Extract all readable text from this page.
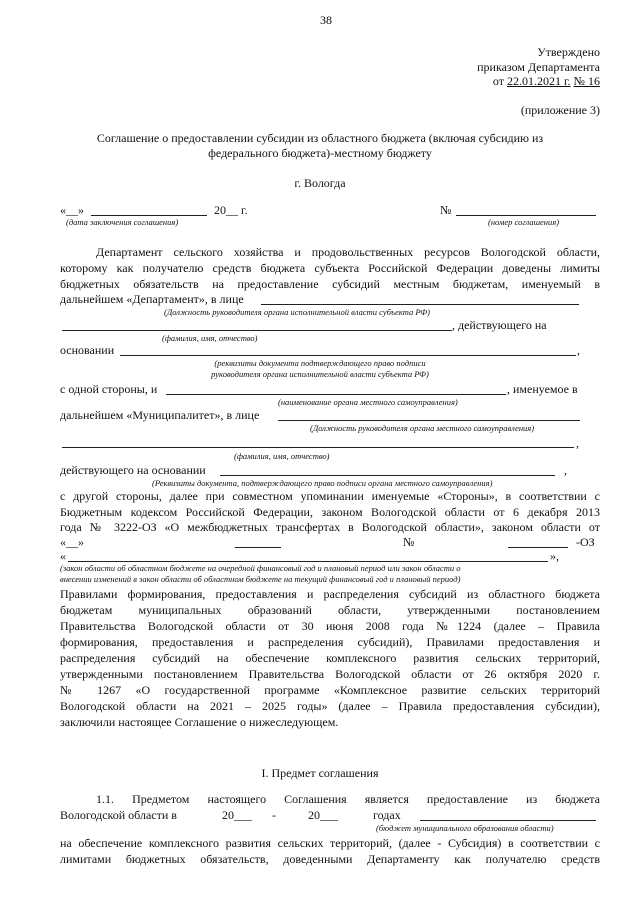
38
Утверждено
приказом Департамента
от 22.01.2021 г. № 16
(приложение 3)
Соглашение о предоставлении субсидии из областного бюджета (включая субсидию из
федерального бюджета)-местному бюджету
г. Вологда
«__»	20__ г.
(дата заключения соглашения)
№
(номер соглашения)
Департамент сельского хозяйства и продовольственных ресурсов Вологодской области,
которому как получателю средств бюджета субъекта Российской Федерации доведены лимиты
бюджетных обязательств на предоставление субсидий местным бюджетам, именуемый в
дальнейшем «Департамент», в лице
(Должность руководителя органа исполнительной власти субъекта РФ)
, действующего на
(фамилия, имя, отчество)
основании	,
(реквизиты документа подтверждающего право подписи
руководителя органа исполнительной власти субъекта РФ)
с одной стороны, и	, именуемое в
(наименование органа местного самоуправления)
дальнейшем «Муниципалитет», в лице
(Должность руководителя органа местного самоуправления)
,
(фамилия, имя, отчество)
действующего на основании	,
(Реквизиты документа, подтверждающего право подписи органа местного самоуправления)
с другой стороны, далее при совместном упоминании именуемые «Стороны», в соответствии с
Бюджетным кодексом Российской Федерации, законом Вологодской области от 6 декабря 2013
года № 3222-ОЗ «О межбюджетных трансфертах в Вологодской области», законом области от
«__»	№	-ОЗ
«	»,
(закон области об областном бюджете на очередной финансовый год и плановый период или закон области о
внесении изменений в закон области об областном бюджете на текущий финансовый год и плановый период)
Правилами формирования, предоставления и распределения субсидий из областного бюджета
бюджетам муниципальных образований области, утвержденными постановлением
Правительства Вологодской области от 30 июня 2008 года №1224 (далее – Правила
формирования, предоставления и распределения субсидий), Правилами предоставления и
распределения субсидий на обеспечение комплексного развития сельских территорий,
утвержденными постановлением Правительства Вологодской области от 26 октября 2020 г.
№ 1267 «О государственной программе «Комплексное развитие сельских территорий
Вологодской области на 2021 – 2025 годы» (далее – Правила предоставления субсидии),
заключили настоящее Соглашение о нижеследующем.
I. Предмет соглашения
1.1. Предметом настоящего Соглашения является предоставление из бюджета
Вологодской области в	20___ -	20___	годах
(бюджет муниципального образования области)
на обеспечение комплексного развития сельских территорий, (далее - Субсидия) в соответствии с
лимитами бюджетных обязательств, доведенными Департаменту как получателю средств
